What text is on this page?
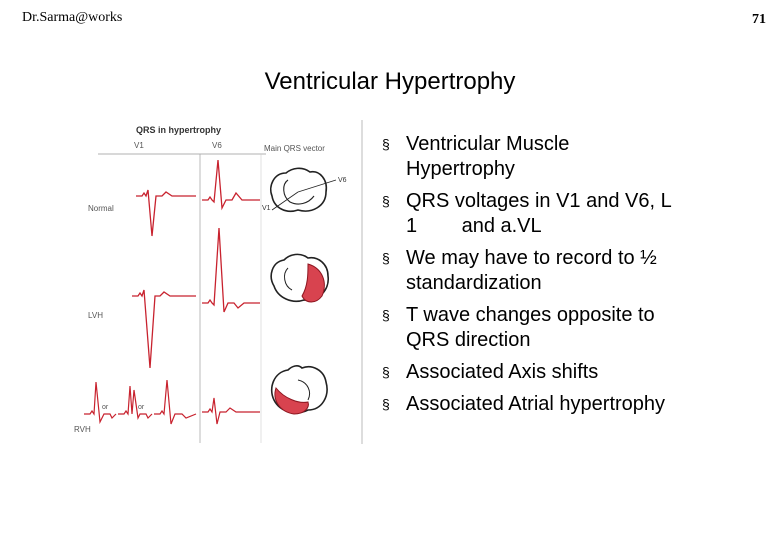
Dr.Sarma@works	71
Ventricular Hypertrophy
QRS in hypertrophy
V1	V6	Main QRS vector
Normal
LVH
RVH
or	or
V6
V1
§ Ventricular Muscle
Hypertrophy
§ QRS voltages in V1 and V6, L
1        and a.VL
§ We may have to record to ½
standardization
§ T wave changes opposite to
QRS direction
§ Associated Axis shifts
§ Associated Atrial hypertrophy
